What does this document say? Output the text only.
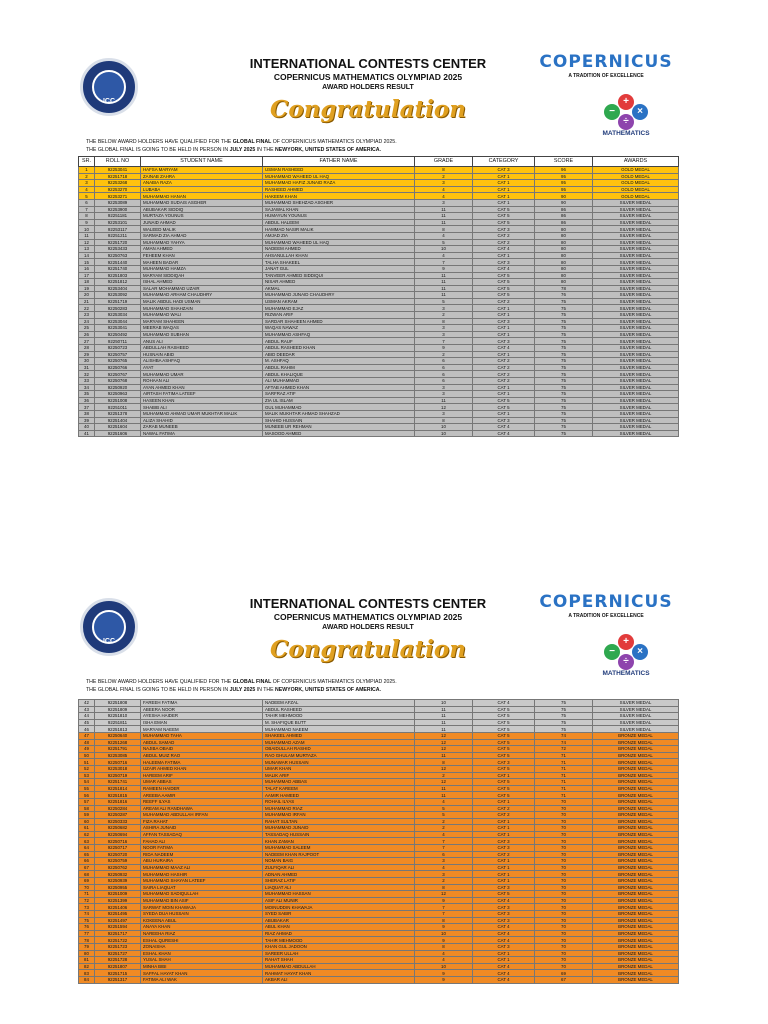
ICC
INTERNATIONAL CONTESTS CENTER
COPERNICUS MATHEMATICS OLYMPIAD 2025
AWARD HOLDERS RESULT
Congratulation
COPERNICUS
A TRADITION OF EXCELLENCE
+
−	×
÷
MATHEMATICS
THE BELOW AWARD HOLDERS HAVE QUALIFIED FOR THE GLOBAL FINAL OF COPERNICUS MATHEMATICS OLYMPIAD 2025.
THE GLOBAL FINAL IS GOING TO BE HELD IN PERSON IN JULY 2025 IN THE NEWYORK, UNITED STATES OF AMERICA.
SR.	ROLL NO	STUDENT NAME	FATHER NAME	GRADE	CATEGORY	SCORE	AWARDS
1	92253041	HAFSA MARYAM	USMAN RASHEED	8	CAT 3	96	GOLD MEDAL
2	92251718	ZAINAB ZAHRA	MUHAMMAD WAHEED UL HAQ	2	CAT 1	95	GOLD MEDAL
3	92253268	ANABIA RAZA	MUHAMMAD HAFIZ JUNAID RAZA	3	CAT 1	95	GOLD MEDAL
4	92253270	LUBABA	RASHEED AHMED	4	CAT 1	95	GOLD MEDAL
5	92253271	MUHAMMAD HANAN	HAKEEM KHAN	4	CAT 1	90	GOLD MEDAL
6	92253089	MUHAMMAD SUDAIS ASGHER	MUHAMMAD SHEHZAD ASGHER	3	CAT 1	90	SILVER MEDAL
7	92253900	ABUBAKAR SIDDIQ	SAJAWAL KHAN	11	CAT 5	86	SILVER MEDAL
8	92251181	MURTAZA YOUNUS	HUMAYUN YOUNUS	11	CAT 5	86	SILVER MEDAL
9	92253101	JUNAID AHMAD	ABDUL HALEEM	11	CAT 5	86	SILVER MEDAL
10	92253117	WALEED MALIK	HAMMAD NASIR MALIK	8	CAT 3	80	SILVER MEDAL
11	92251211	SARMAD ZIA AHMAD	AMJAD ZIA	4	CAT 2	80	SILVER MEDAL
12	92251720	MUHAMMAD YAHYA	MUHAMMAD WAHEED UL HAQ	5	CAT 2	80	SILVER MEDAL
13	92253433	AMAN AHMED	NADEEM AHMED	10	CAT 4	80	SILVER MEDAL
14	92250763	FEHEEM KHAN	AHSANULLAH KHAN	4	CAT 1	80	SILVER MEDAL
15	92251440	MAHEEN BADAR	TALHA SHAKEEL	7	CAT 3	80	SILVER MEDAL
16	92251740	MUHAMMAD HAMZA	JANAT GUL	9	CAT 4	80	SILVER MEDAL
17	92251803	MARYAM SIDDIQAH	TANVEER AHMED SIDDIQUI	11	CAT 5	80	SILVER MEDAL
18	92251812	ISHAL AHMED	NISAR AHMED	11	CAT 5	80	SILVER MEDAL
19	92253404	SALAR MOHAMMAD UZAIR	AKMAL	11	CAT 5	78	SILVER MEDAL
20	92253092	MUHAMMAD ARHAM CHAUDHRY	MUHAMMAD JUNAID CHAUDHRY	11	CAT 5	76	SILVER MEDAL
21	92251719	MALIK ABDUL HADI USMAN	USMAN AKRAM	5	CAT 2	75	SILVER MEDAL
22	92250283	MUHAMMAD SHAHZAIN	MUHAMMAD EJAZ	3	CAT 1	75	SILVER MEDAL
23	92253034	MUHAMMAD WALI	RIZWAN ARIF	2	CAT 1	75	SILVER MEDAL
24	92253044	MARYAM SHAHEEN	SARDAR SHAHEEN AHMED	8	CAT 3	75	SILVER MEDAL
25	92253041	MEERAB WAQAS	WAQAS NAWAZ	3	CAT 1	75	SILVER MEDAL
26	92250492	MUHAMMAD SUBHAN	MUHAMMAD ASHFAQ	3	CAT 1	75	SILVER MEDAL
27	92250711	ANUS ALI	ABDUL RAUF	7	CAT 3	75	SILVER MEDAL
28	92250723	ABDULLAH RASHEED	ABDUL RASHEED KHAN	9	CAT 4	75	SILVER MEDAL
29	92250757	HUSNAIN ABID	ABID DEEDAR	2	CAT 1	75	SILVER MEDAL
30	92250765	ALISHBA ASHFAQ	M. ASHFAQ	6	CAT 2	75	SILVER MEDAL
31	92250766	AYAT	ABDUL RAHIM	6	CAT 2	75	SILVER MEDAL
32	92250767	MUHAMMAD UMAR	ABDUL KHALIQUE	6	CAT 2	75	SILVER MEDAL
33	92250768	ROHAAN ALI	ALI MUHAMMAD	6	CAT 2	75	SILVER MEDAL
34	92250920	AYAN AHMED KHAN	AFTAB AHMED KHAN	3	CAT 1	75	SILVER MEDAL
35	92250963	AIRTASH FATIMA LATEEF	SARFRAZ ATIF	3	CAT 1	75	SILVER MEDAL
36	92251008	HASEEN KHAN	ZIA UL ISLAM	11	CAT 5	75	SILVER MEDAL
37	92251011	SHABIB ALI	GUL MUHAMMAD	12	CAT 5	75	SILVER MEDAL
38	92251378	MUHAMMAD AHMAD UMAR MUKHTAR MALIK	MALIK MUKHTAR AHMAD SHAHZAD	3	CAT 1	75	SILVER MEDAL
39	92251404	ALIZA SHAHID	SHAHID HUSSAIN	8	CAT 3	75	SILVER MEDAL
40	92251604	ZARAB MUNEEB	MUNEEB UR REHMAN	10	CAT 4	75	SILVER MEDAL
41	92251606	NAWAL FATIMA	MASOOD AHMED	10	CAT 4	75	SILVER MEDAL
ICC
INTERNATIONAL CONTESTS CENTER
COPERNICUS MATHEMATICS OLYMPIAD 2025
AWARD HOLDERS RESULT
Congratulation
COPERNICUS
A TRADITION OF EXCELLENCE
+
−	×
÷
MATHEMATICS
THE BELOW AWARD HOLDERS HAVE QUALIFIED FOR THE GLOBAL FINAL OF COPERNICUS MATHEMATICS OLYMPIAD 2025.
THE GLOBAL FINAL IS GOING TO BE HELD IN PERSON IN JULY 2025 IN THE NEWYORK, UNITED STATES OF AMERICA.
42	92251808	FAREEH FATIMA	NADEEM AFZAL	10	CAT 4	75	SILVER MEDAL
43	92251809	ABEERA NOOR	ABDUL RASHEED	11	CAT 5	75	SILVER MEDAL
44	92251810	AYESHA HAIDER	TAHIR MEHMOOD	11	CAT 5	75	SILVER MEDAL
45	92251811	ISHA EMAN	M. SHAFIQUE BUTT	11	CAT 5	75	SILVER MEDAL
46	92251813	MARYAM NAEEM	MUHAMMAD NAEEM	11	CAT 5	75	SILVER MEDAL
47	92250640	MUHAMMAD TAHA	SHAKEEL AHMED	12	CAT 5	74	BRONZE MEDAL
48	92251268	ABDUL SAMAD	MUHAMMAD AZAM	12	CAT 5	74	BRONZE MEDAL
49	92251791	NAJIBA OBAID	OBAIDULLAH RASHID	12	CAT 5	72	BRONZE MEDAL
50	92253085	ABDUL MUIZ RAO	RAO GHULAM MURTAZA	11	CAT 5	71	BRONZE MEDAL
51	92250716	HALEEMA FATIMA	MUNAWAR HUSSAIN	8	CAT 3	71	BRONZE MEDAL
52	92253018	UZAIR AHMED KHAN	UMAR KHAN	12	CAT 5	71	BRONZE MEDAL
53	92250719	HAREEM ARIF	MALIK ARIF	2	CAT 1	71	BRONZE MEDAL
54	92251741	UMAR ABBAS	MUHAMMAD ABBAS	12	CAT 5	71	BRONZE MEDAL
55	92251814	RAMEEN HAIDER	TALAT KAREEM	11	CAT 5	71	BRONZE MEDAL
56	92251815	AREEBA AAMIR	AAMIR HAMEED	11	CAT 5	71	BRONZE MEDAL
57	92251816	REEFF ILYAS	ROHAIL ILYAS	4	CAT 1	70	BRONZE MEDAL
58	92250284	AREAM ALI RANDHAWA	MUHAMMAD RIAZ	5	CAT 2	70	BRONZE MEDAL
59	92250287	MUHAMMAD ABDULLAH IRFAN	MUHAMMAD IRFAN	5	CAT 2	70	BRONZE MEDAL
60	92250333	FIZA RAHAT	RAHAT SULTAN	2	CAT 1	70	BRONZE MEDAL
61	92250682	ASHIRA JUNAID	MUHAMMAD JUNAID	2	CAT 1	70	BRONZE MEDAL
62	92250694	AFFAN TASSADAQ	TASSADAQ HUSSAIN	4	CAT 1	70	BRONZE MEDAL
63	92250716	FAHAD ALI	KHAN ZAMAN	7	CAT 3	70	BRONZE MEDAL
64	92250717	NOOR FATIMA	MUHAMMAD SALEEM	7	CAT 3	70	BRONZE MEDAL
65	92250720	RIDA NADEEM	NADEEM KHAN RAJPOOT	6	CAT 2	70	BRONZE MEDAL
66	92250759	ABU HURAIRA	NOMAN BAIG	3	CAT 1	70	BRONZE MEDAL
67	92250762	MUHAMMAD MAAZ ALI	ZULFIQAR ALI	4	CAT 1	70	BRONZE MEDAL
68	92250932	MUHAMMAD HASHIR	ADNAN AHMED	3	CAT 1	70	BRONZE MEDAL
69	92250939	MUHAMMAD SHAYAN LATEEF	SHERAZ LATIF	2	CAT 1	70	BRONZE MEDAL
70	92250955	SAIRA LIAQUAT	LIAQUAT ALI	8	CAT 3	70	BRONZE MEDAL
71	92251009	MUHAMMAD SADIQULLAH	MUHAMMAD HASSAN	12	CAT 5	70	BRONZE MEDAL
72	92251399	MUHAMMAD BIN ASIF	ASIF ALI MUNIR	9	CAT 4	70	BRONZE MEDAL
73	92251406	SARWAT MOIN KHAWAJA	MOINUDDIN KHAWAJA	7	CAT 3	70	BRONZE MEDAL
74	92251495	SYEDA DUA HUSSAIN	SYED SABIR	7	CAT 3	70	BRONZE MEDAL
75	92251497	KOKEENA ABUL	ABUBAKAR	8	CAT 3	70	BRONZE MEDAL
76	92251594	ANAYA KHAN	ABUL KHAN	9	CAT 4	70	BRONZE MEDAL
77	92251717	NAREEHA RIAZ	RIAZ AHMAD	10	CAT 4	70	BRONZE MEDAL
78	92251722	ESHAL QURESHI	TAHIR MEHMOOD	9	CAT 4	70	BRONZE MEDAL
79	92251723	ZONAISHA	KHAN GUL JADOON	8	CAT 3	70	BRONZE MEDAL
80	92251727	ESHAL KHAN	SAREER ULLAH	4	CAT 1	70	BRONZE MEDAL
81	92251728	YUSAL SHAH	RAHAT SHAH	4	CAT 1	70	BRONZE MEDAL
82	92251807	MINHA BIBI	MUHAMMAD ABDULLAH	10	CAT 4	70	BRONZE MEDAL
83	92251715	SAFFAL HAYAT KHAN	RAHMAT HAYAT KHAN	9	CAT 4	69	BRONZE MEDAL
84	92251317	FATIMA ALI WAK	AKBAR ALI	9	CAT 4	67	BRONZE MEDAL
